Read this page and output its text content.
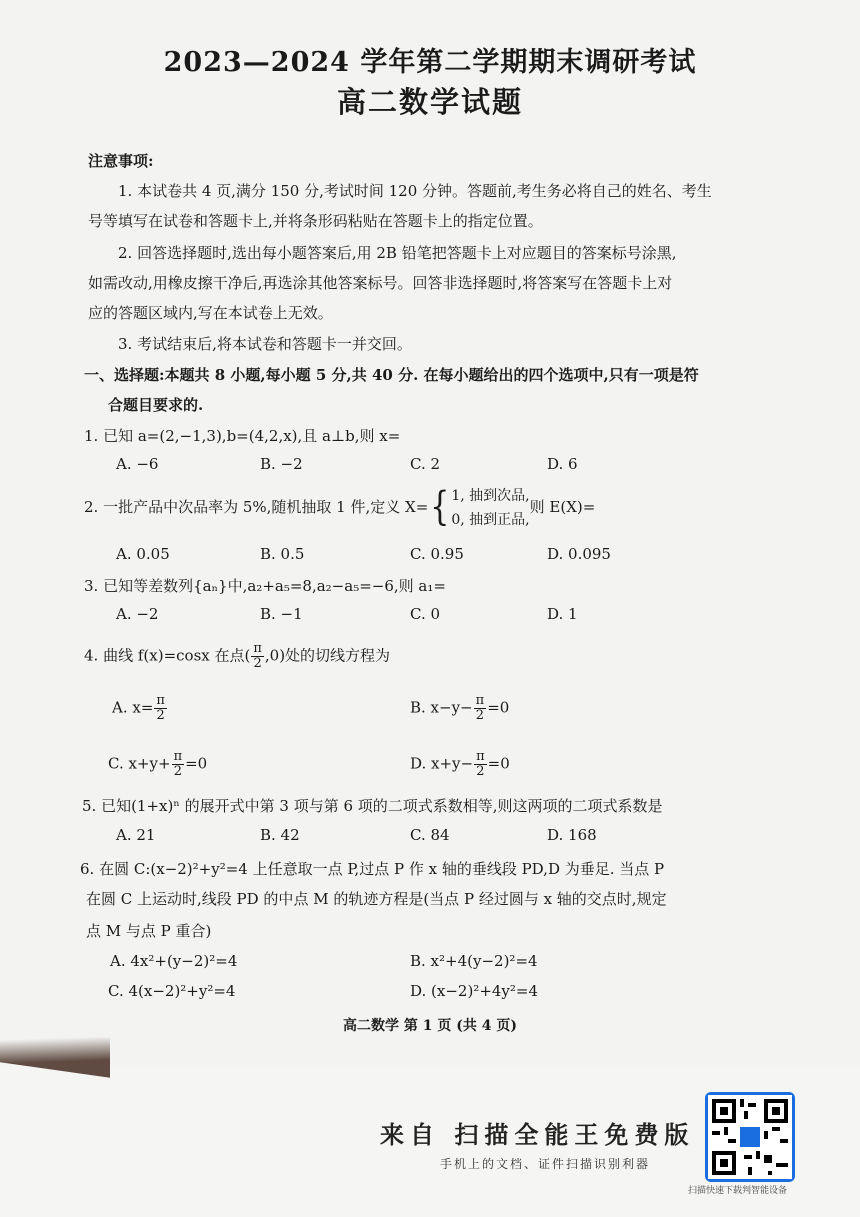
2023—2024 学年第二学期期末调研考试
高二数学试题
注意事项:
1. 本试卷共 4 页,满分 150 分,考试时间 120 分钟。答题前,考生务必将自己的姓名、考生
号等填写在试卷和答题卡上,并将条形码粘贴在答题卡上的指定位置。
2. 回答选择题时,选出每小题答案后,用 2B 铅笔把答题卡上对应题目的答案标号涂黑,
如需改动,用橡皮擦干净后,再选涂其他答案标号。回答非选择题时,将答案写在答题卡上对
应的答题区域内,写在本试卷上无效。
3. 考试结束后,将本试卷和答题卡一并交回。
一、选择题:本题共 8 小题,每小题 5 分,共 40 分. 在每小题给出的四个选项中,只有一项是符
合题目要求的.
1. 已知 a=(2,−1,3),b=(4,2,x),且 a⊥b,则 x=
A. −6	B. −2	C. 2	D. 6
2. 一批产品中次品率为 5%,随机抽取 1 件,定义 X={ 1, 抽到次品,
0, 抽到正品,
则 E(X)=
A. 0.05	B. 0.5	C. 0.95	D. 0.095
3. 已知等差数列{aₙ}中,a₂+a₅=8,a₂−a₅=−6,则 a₁=
A. −2	B. −1	C. 0	D. 1
4. 曲线 f(x)=cosx 在点( $\frac{\pi}{2} ,0$)处的切线方程为
A. $x= \frac{\pi}{2}$	B. $x-y- \frac{\pi}{2} =0$
C. $x+y+ \frac{\pi}{2} =0$	D. $x+y- \frac{\pi}{2} =0$
5. 已知(1+x)ⁿ 的展开式中第 3 项与第 6 项的二项式系数相等,则这两项的二项式系数是
A. 21	B. 42	C. 84	D. 168
6. 在圆 C:(x−2)²+y²=4 上任意取一点 P,过点 P 作 x 轴的垂线段 PD,D 为垂足. 当点 P
在圆 C 上运动时,线段 PD 的中点 M 的轨迹方程是(当点 P 经过圆与 x 轴的交点时,规定
点 M 与点 P 重合)
A. 4x²+(y−2)²=4	B. x²+4(y−2)²=4
C. 4(x−2)²+y²=4	D. (x−2)²+4y²=4
高二数学 第 1 页 (共 4 页)
来自 扫描全能王免费版
手机上的文档、证件扫描识别利器
扫描快速下载判智能设备
